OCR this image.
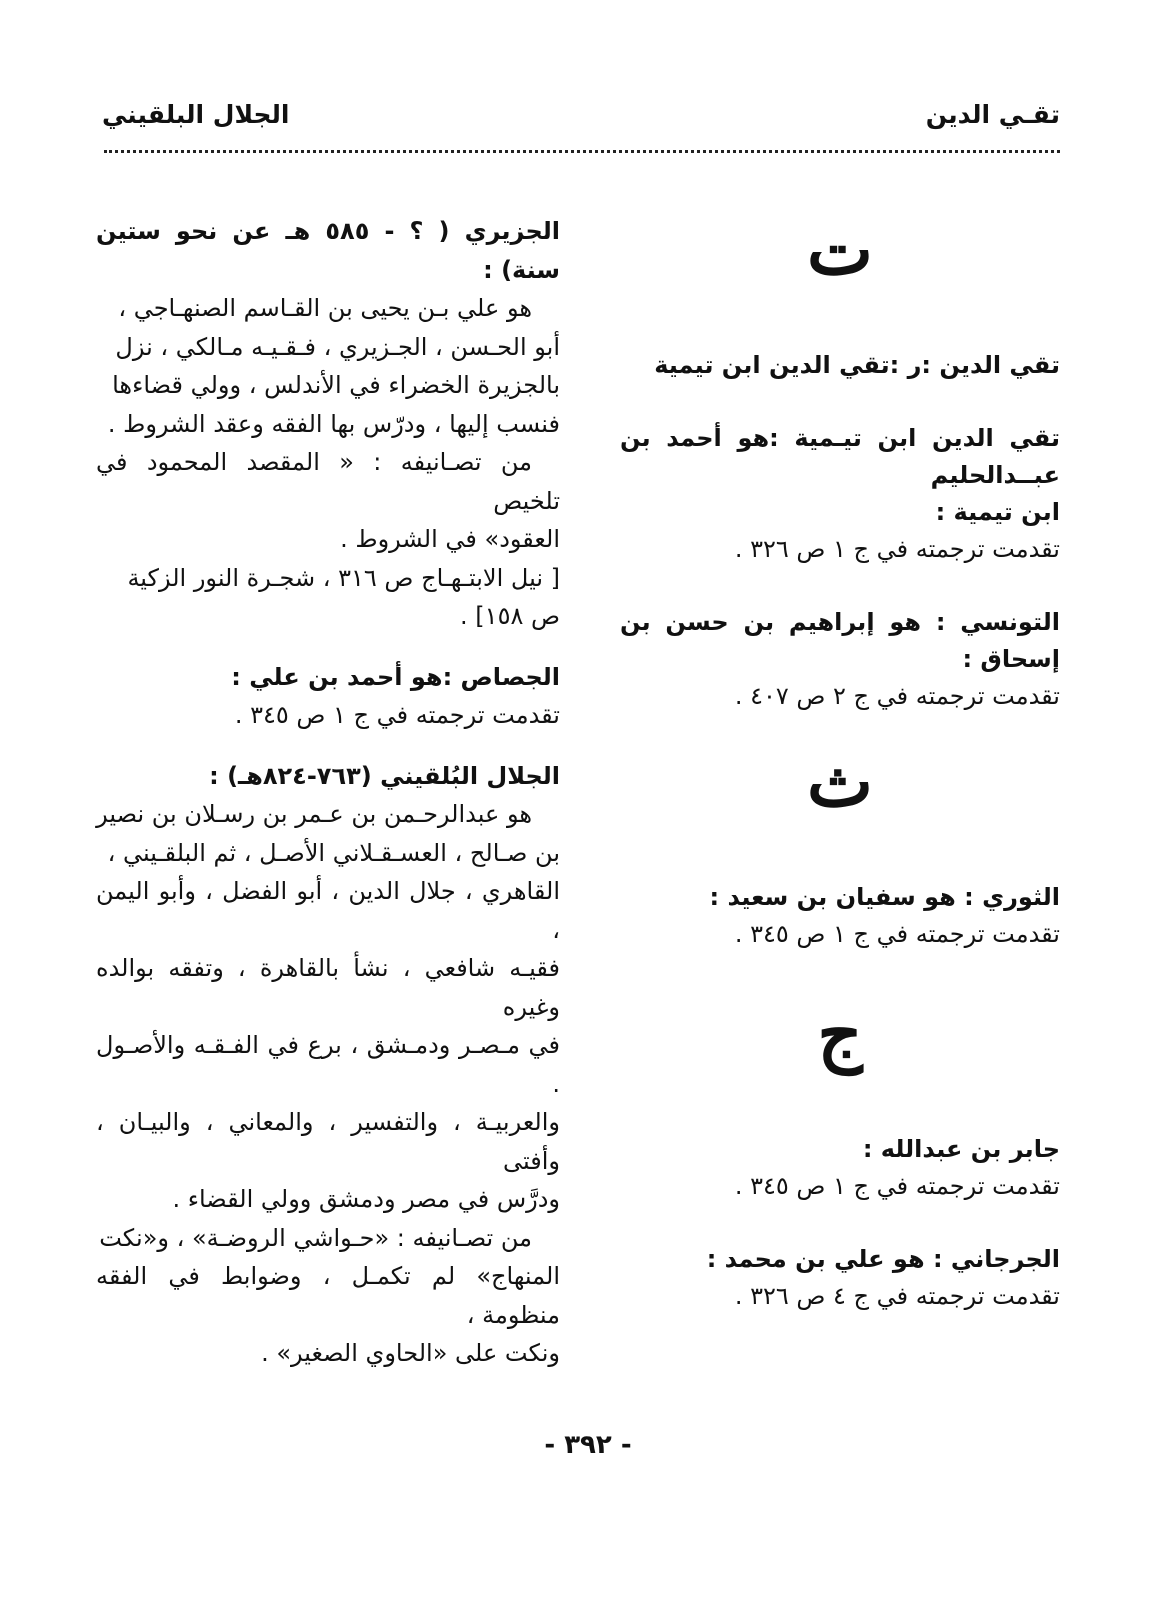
تقـي الدين
الجلال البلقيني
ت

تقي الدين :ر :تقي الدين ابن تيمية

تقي الدين ابن تيـمية :هو أحمد بن عبــدالحليم

ابن تيمية :

تقدمت ترجمته في ج ١ ص ٣٢٦ .

التونسي : هو إبراهيم بن حسن بن إسحاق :

تقدمت ترجمته في ج ٢ ص ٤٠٧ .

ث

الثوري : هو سفيان بن سعيد :

تقدمت ترجمته في ج ١ ص ٣٤٥ .

ج

جابر بن عبدالله :

تقدمت ترجمته في ج ١ ص ٣٤٥ .

الجرجاني : هو علي بن محمد :

تقدمت ترجمته في ج ٤ ص ٣٢٦ .

الجزيري ( ؟ - ٥٨٥ هـ عن نحو ستين سنة) :

هو علي بـن يحيى بن القـاسم الصنهـاجي ،

أبو الحـسن ، الجـزيري ، فـقـيـه مـالكي ، نزل

بالجزيرة الخضراء في الأندلس ، وولي قضاءها

فنسب إليها ، ودرّس بها الفقه وعقد الشروط .

من تصـانيفه : « المقصد المحمود في تلخيص

العقود» في الشروط .

[ نيل الابتـهـاج ص ٣١٦ ، شجـرة النور الزكية

ص ١٥٨] .

الجصاص :هو أحمد بن علي :

تقدمت ترجمته في ج ١ ص ٣٤٥ .

الجلال البُلقيني (٧٦٣-٨٢٤هـ) :

هو عبدالرحـمن بن عـمر بن رسـلان بن نصير

بن صـالح ، العسـقـلاني الأصـل ، ثم البلقـيني ،

القاهري ، جلال الدين ، أبو الفضل ، وأبو اليمن ،

فقيـه شافعي ، نشأ بالقاهرة ، وتفقه بوالده وغيره

في مـصـر ودمـشق ، برع في الفـقـه والأصـول .

والعربيـة ، والتفسير ، والمعاني ، والبيـان ، وأفتى

ودرَّس في مصر ودمشق وولي القضاء .

من تصـانيفه : «حـواشي الروضـة» ، و«نكت

المنهاج» لم تكمـل ، وضوابط في الفقه منظومة ،

ونكت على «الحاوي الصغير» .

- ٣٩٢ -
